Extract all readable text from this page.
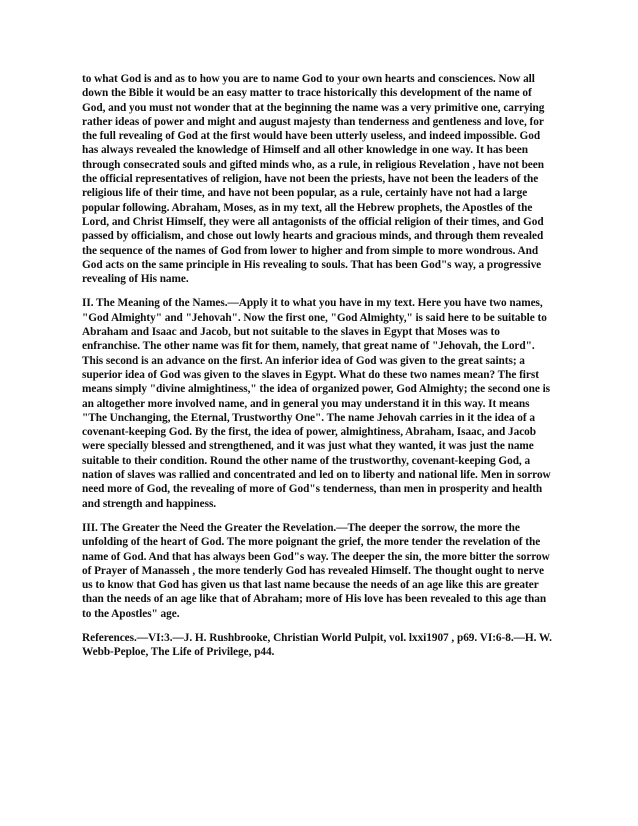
to what God is and as to how you are to name God to your own hearts and consciences. Now all down the Bible it would be an easy matter to trace historically this development of the name of God, and you must not wonder that at the beginning the name was a very primitive one, carrying rather ideas of power and might and august majesty than tenderness and gentleness and love, for the full revealing of God at the first would have been utterly useless, and indeed impossible. God has always revealed the knowledge of Himself and all other knowledge in one way. It has been through consecrated souls and gifted minds who, as a rule, in religious Revelation , have not been the official representatives of religion, have not been the priests, have not been the leaders of the religious life of their time, and have not been popular, as a rule, certainly have not had a large popular following. Abraham, Moses, as in my text, all the Hebrew prophets, the Apostles of the Lord, and Christ Himself, they were all antagonists of the official religion of their times, and God passed by officialism, and chose out lowly hearts and gracious minds, and through them revealed the sequence of the names of God from lower to higher and from simple to more wondrous. And God acts on the same principle in His revealing to souls. That has been God"s way, a progressive revealing of His name.

II. The Meaning of the Names.—Apply it to what you have in my text. Here you have two names, "God Almighty" and "Jehovah". Now the first one, "God Almighty," is said here to be suitable to Abraham and Isaac and Jacob, but not suitable to the slaves in Egypt that Moses was to enfranchise. The other name was fit for them, namely, that great name of "Jehovah, the Lord". This second is an advance on the first. An inferior idea of God was given to the great saints; a superior idea of God was given to the slaves in Egypt. What do these two names mean? The first means simply "divine almightiness," the idea of organized power, God Almighty; the second one is an altogether more involved name, and in general you may understand it in this way. It means "The Unchanging, the Eternal, Trustworthy One". The name Jehovah carries in it the idea of a covenant-keeping God. By the first, the idea of power, almightiness, Abraham, Isaac, and Jacob were specially blessed and strengthened, and it was just what they wanted, it was just the name suitable to their condition. Round the other name of the trustworthy, covenant-keeping God, a nation of slaves was rallied and concentrated and led on to liberty and national life. Men in sorrow need more of God, the revealing of more of God"s tenderness, than men in prosperity and health and strength and happiness.

III. The Greater the Need the Greater the Revelation.—The deeper the sorrow, the more the unfolding of the heart of God. The more poignant the grief, the more tender the revelation of the name of God. And that has always been God"s way. The deeper the sin, the more bitter the sorrow of Prayer of Manasseh , the more tenderly God has revealed Himself. The thought ought to nerve us to know that God has given us that last name because the needs of an age like this are greater than the needs of an age like that of Abraham; more of His love has been revealed to this age than to the Apostles" age.

References.—VI:3.—J. H. Rushbrooke, Christian World Pulpit, vol. lxxi1907 , p69. VI:6-8.—H. W. Webb-Peploe, The Life of Privilege, p44.
